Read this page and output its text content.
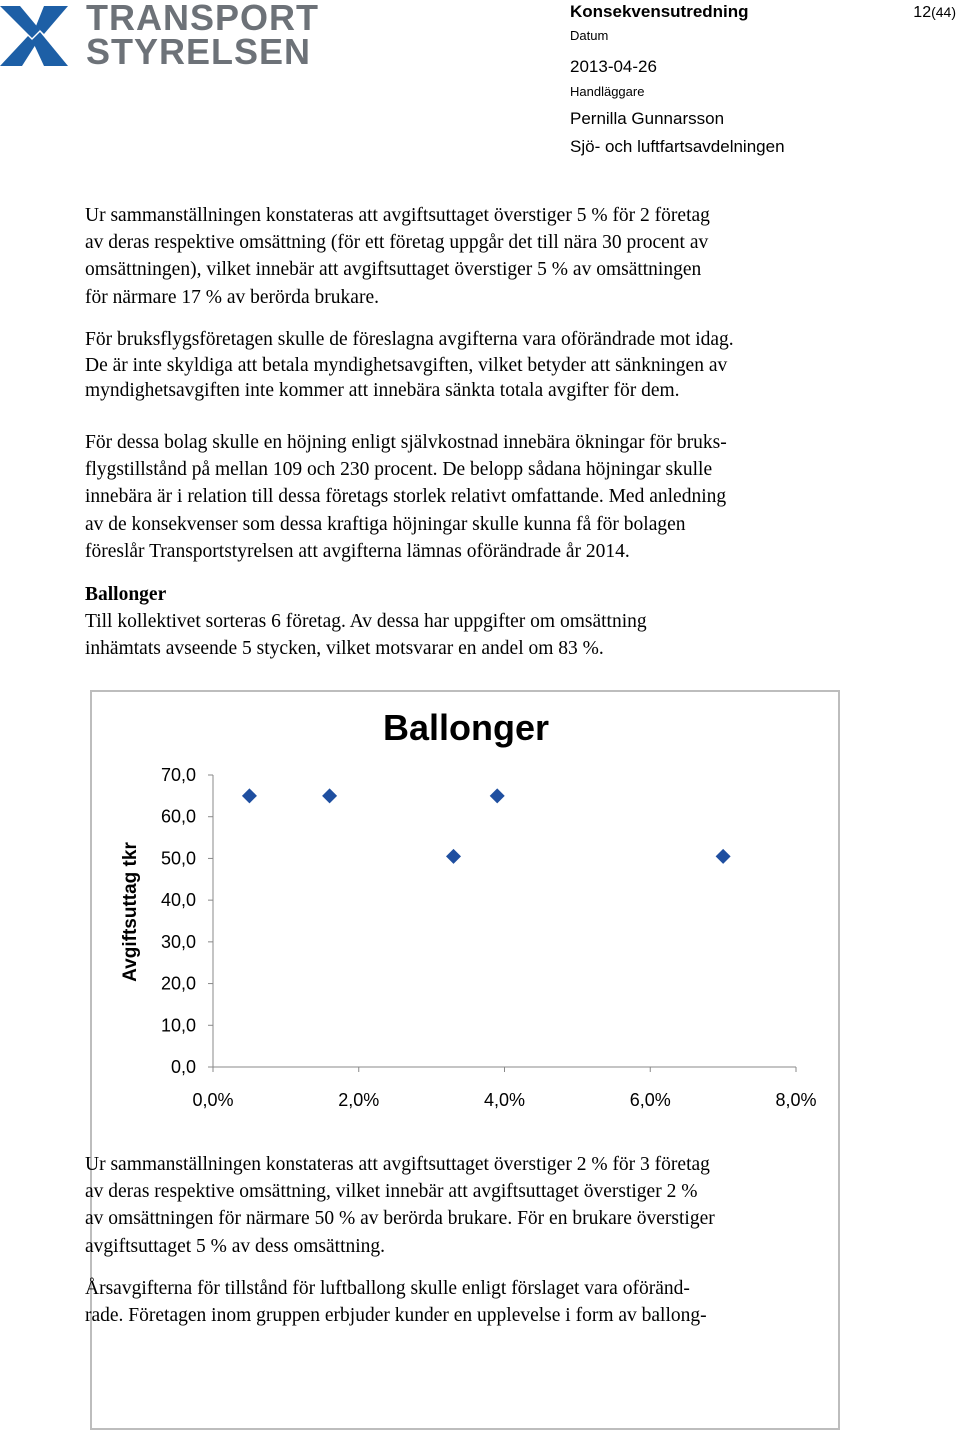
TRANSPORT
STYRELSEN
Konsekvensutredning
Datum
2013-04-26
Handläggare
Pernilla Gunnarsson
Sjö- och luftfartsavdelningen
12(44)
Ur sammanställningen konstateras att avgiftsuttaget överstiger 5 % för 2 företag
av deras respektive omsättning (för ett företag uppgår det till nära 30 procent av
omsättningen), vilket innebär att avgiftsuttaget överstiger 5 % av omsättningen
för närmare 17 % av berörda brukare.
För bruksflygsföretagen skulle de föreslagna avgifterna vara oförändrade mot idag.
De är inte skyldiga att betala myndighetsavgiften, vilket betyder att sänkningen av
myndighetsavgiften inte kommer att innebära sänkta totala avgifter för dem.
För dessa bolag skulle en höjning enligt självkostnad innebära ökningar för bruks-
flygstillstånd på mellan 109 och 230 procent. De belopp sådana höjningar skulle
innebära är i relation till dessa företags storlek relativt omfattande. Med anledning
av de konsekvenser som dessa kraftiga höjningar skulle kunna få för bolagen
föreslår Transportstyrelsen att avgifterna lämnas oförändrade år 2014.
Ballonger
Till kollektivet sorteras 6 företag. Av dessa har uppgifter om omsättning
inhämtats avseende 5 stycken, vilket motsvarar en andel om 83 %.
Ballonger
Avgiftsuttag tkr
0,0
10,0
20,0
30,0
40,0
50,0
60,0
70,0
0,0%	2,0%	4,0%	6,0%	8,0%
Ur sammanställningen konstateras att avgiftsuttaget överstiger 2 % för 3 företag
av deras respektive omsättning, vilket innebär att avgiftsuttaget överstiger 2 %
av omsättningen för närmare 50 % av berörda brukare. För en brukare överstiger
avgiftsuttaget 5 % av dess omsättning.
Årsavgifterna för tillstånd för luftballong skulle enligt förslaget vara oföränd-
rade. Företagen inom gruppen erbjuder kunder en upplevelse i form av ballong-
